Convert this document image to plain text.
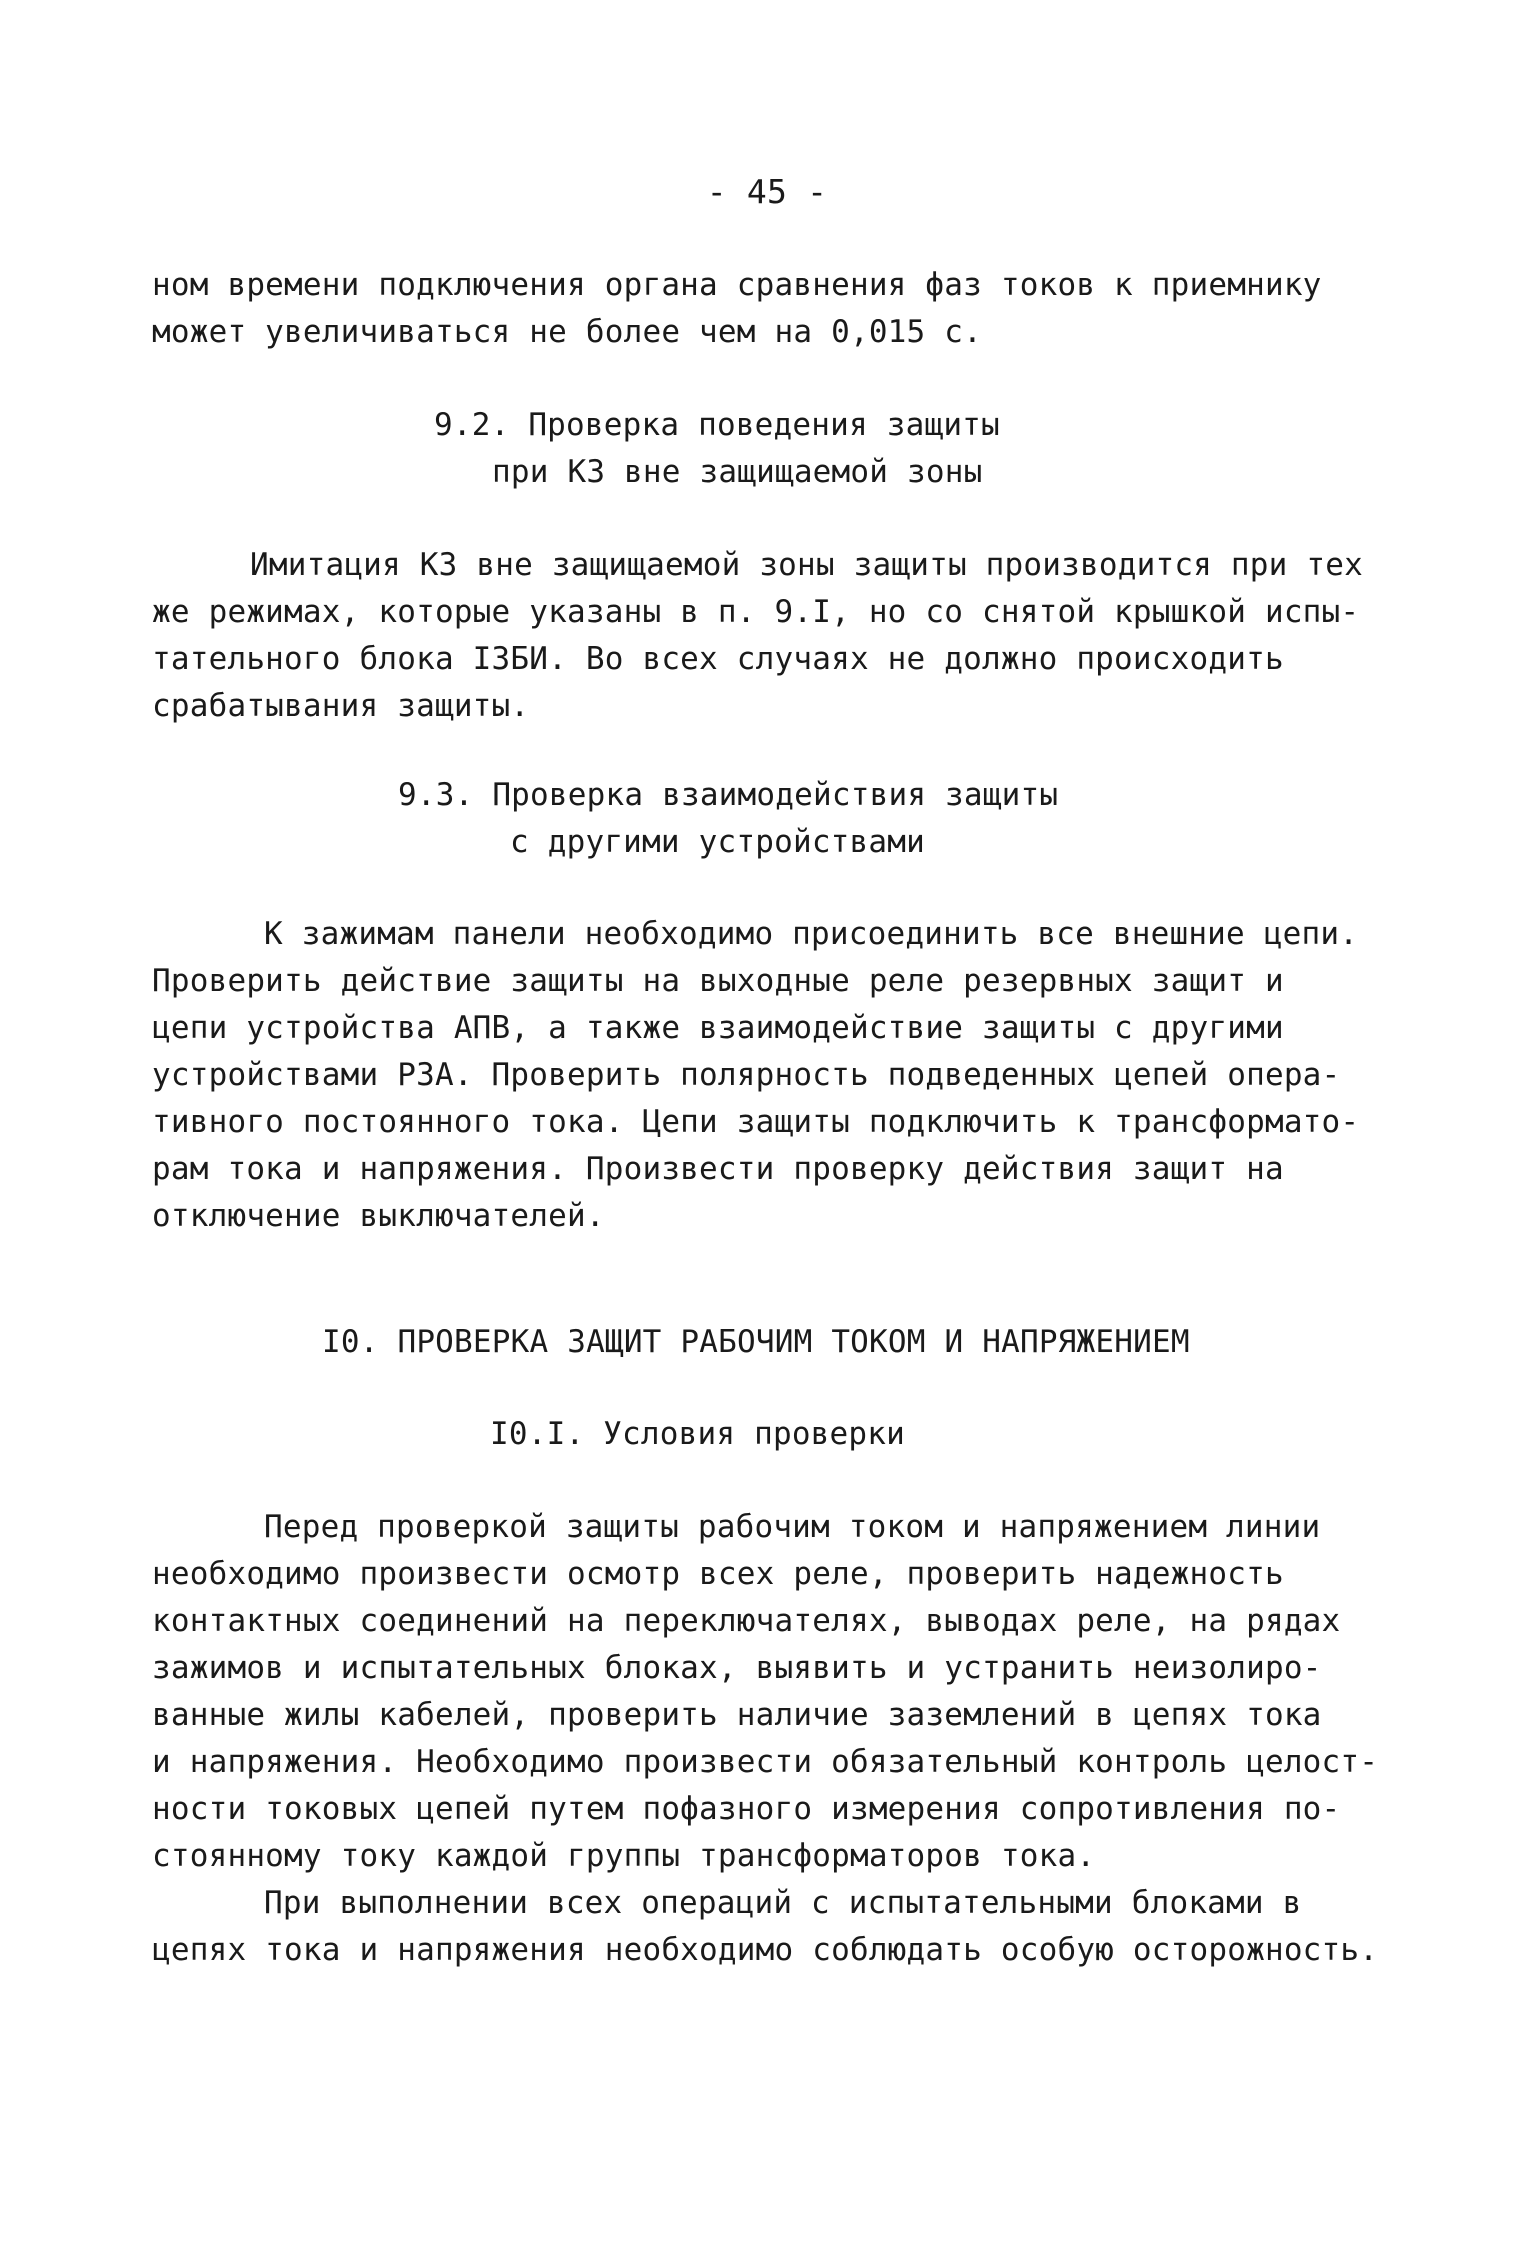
- 45 -
ном времени подключения органа сравнения фаз токов к приемнику
может увеличиваться не более чем на 0,015 с.
9.2. Проверка поведения защиты
при КЗ вне защищаемой зоны
Имитация КЗ вне защищаемой зоны защиты производится при тех
же режимах, которые указаны в п. 9.I, но со снятой крышкой испы-
тательного блока I3БИ. Во всех случаях не должно происходить
срабатывания защиты.
9.3. Проверка взаимодействия защиты
с другими устройствами
К зажимам панели необходимо присоединить все внешние цепи.
Проверить действие защиты на выходные реле резервных защит и
цепи устройства АПВ, а также взаимодействие защиты с другими
устройствами РЗА. Проверить полярность подведенных цепей опера-
тивного постоянного тока. Цепи защиты подключить к трансформато-
рам тока и напряжения. Произвести проверку действия защит на
отключение выключателей.
I0. ПРОВЕРКА ЗАЩИТ РАБОЧИМ ТОКОМ И НАПРЯЖЕНИЕМ
I0.I. Условия проверки
Перед проверкой защиты рабочим током и напряжением линии
необходимо произвести осмотр всех реле, проверить надежность
контактных соединений на переключателях, выводах реле, на рядах
зажимов и испытательных блоках, выявить и устранить неизолиро-
ванные жилы кабелей, проверить наличие заземлений в цепях тока
и напряжения. Необходимо произвести обязательный контроль целост-
ности токовых цепей путем пофазного измерения сопротивления по-
стоянному току каждой группы трансформаторов тока.
При выполнении всех операций с испытательными блоками в
цепях тока и напряжения необходимо соблюдать особую осторожность.
